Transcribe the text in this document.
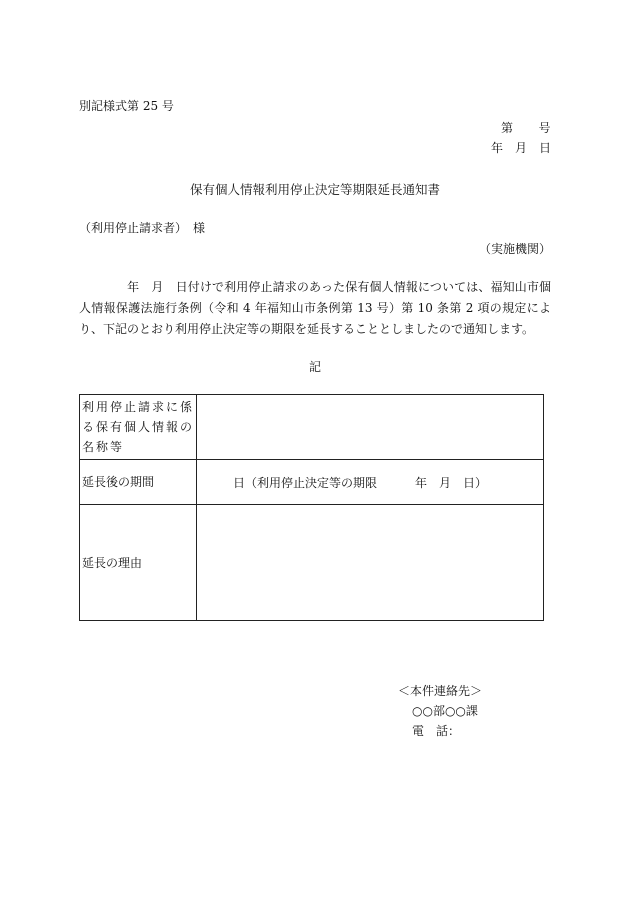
別記様式第 25 号
第　　号
年　月　日
保有個人情報利用停止決定等期限延長通知書
（利用停止請求者）　様
（実施機関）
年　月　日付けで利用停止請求のあった保有個人情報については、福知山市個人情報保護法施行条例（令和 4 年福知山市条例第 13 号）第 10 条第 2 項の規定により、下記のとおり利用停止決定等の期限を延長することとしましたので通知します。
記
利用停止請求に係る保有個人情報の名称等	
延長後の期間	日（利用停止決定等の期限 年　月　日）
延長の理由	
＜本件連絡先＞
○○部○○課
電　話：
